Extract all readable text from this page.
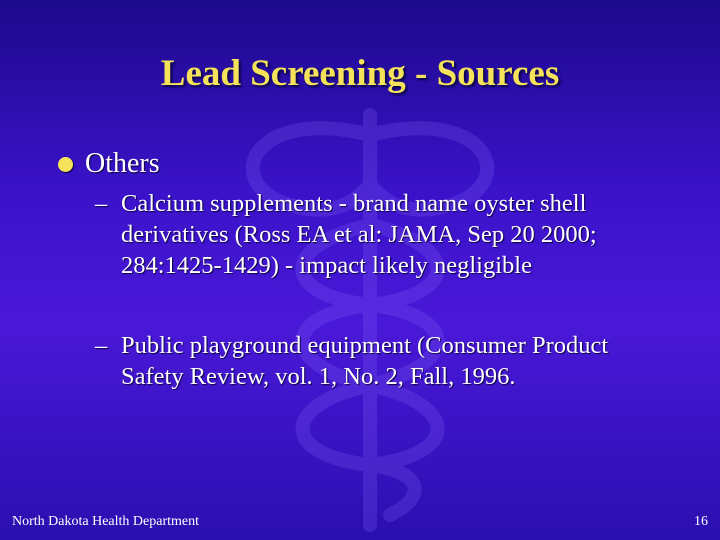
Lead Screening - Sources
Others
– Calcium supplements - brand name oyster shell derivatives (Ross EA et al: JAMA, Sep 20 2000; 284:1425-1429) - impact likely negligible
– Public playground equipment (Consumer Product Safety Review, vol. 1, No. 2, Fall, 1996.
North Dakota Health Department	16
